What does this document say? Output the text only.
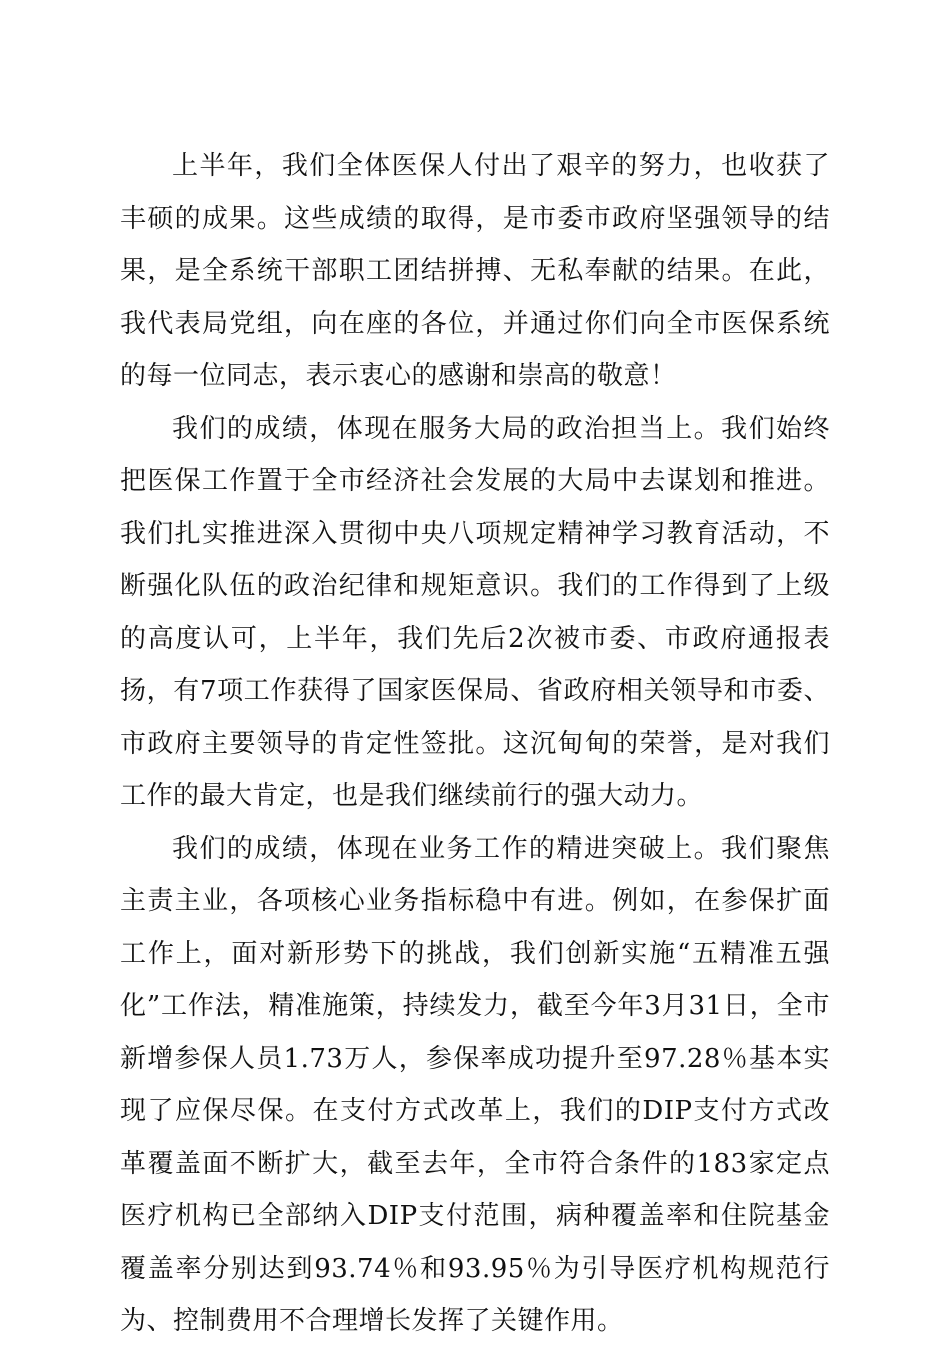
上半年，我们全体医保人付出了艰辛的努力，也收获了丰硕的成果。这些成绩的取得，是市委市政府坚强领导的结果，是全系统干部职工团结拼搏、无私奉献的结果。在此，我代表局党组，向在座的各位，并通过你们向全市医保系统的每一位同志，表示衷心的感谢和崇高的敬意！

我们的成绩，体现在服务大局的政治担当上。我们始终把医保工作置于全市经济社会发展的大局中去谋划和推进。我们扎实推进深入贯彻中央八项规定精神学习教育活动，不断强化队伍的政治纪律和规矩意识。我们的工作得到了上级的高度认可，上半年，我们先后2次被市委、市政府通报表扬，有7项工作获得了国家医保局、省政府相关领导和市委、市政府主要领导的肯定性签批。这沉甸甸的荣誉，是对我们工作的最大肯定，也是我们继续前行的强大动力。

我们的成绩，体现在业务工作的精进突破上。我们聚焦主责主业，各项核心业务指标稳中有进。例如，在参保扩面工作上，面对新形势下的挑战，我们创新实施“五精准五强化”工作法，精准施策，持续发力，截至今年3月31日，全市新增参保人员1.73万人，参保率成功提升至97.28％基本实现了应保尽保。在支付方式改革上，我们的DIP支付方式改革覆盖面不断扩大，截至去年，全市符合条件的183家定点医疗机构已全部纳入DIP支付范围，病种覆盖率和住院基金覆盖率分别达到93.74％和93.95％为引导医疗机构规范行为、控制费用不合理增长发挥了关键作用。
